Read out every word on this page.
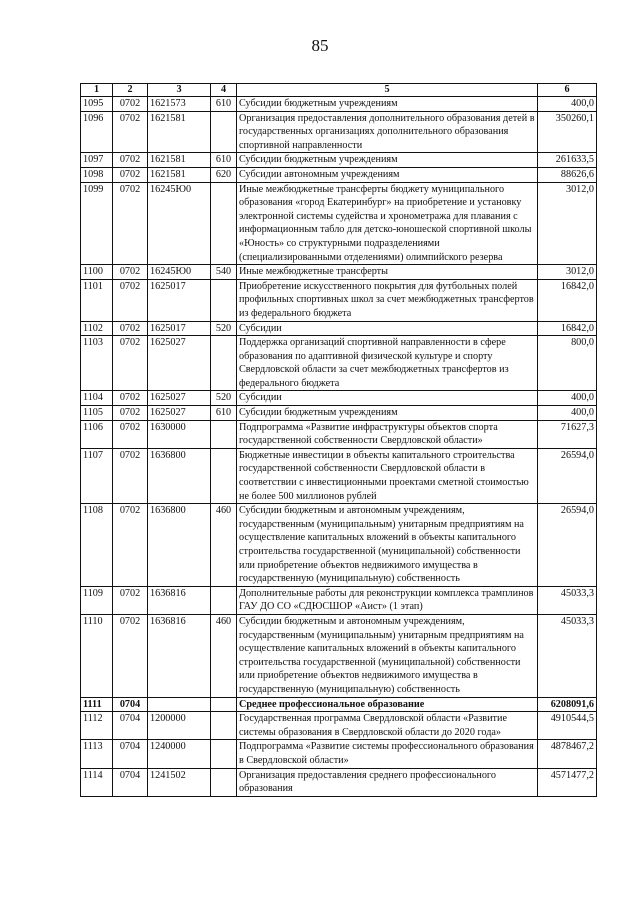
85
1	2	3	4	5	6
1095	0702	1621573	610	Субсидии бюджетным учреждениям	400,0
1096	0702	1621581		Организация предоставления дополнительного образования детей в государственных организациях дополнительного образования спортивной направленности	350260,1
1097	0702	1621581	610	Субсидии бюджетным учреждениям	261633,5
1098	0702	1621581	620	Субсидии автономным учреждениям	88626,6
1099	0702	16245Ю0		Иные межбюджетные трансферты бюджету муниципального образования «город Екатеринбург» на приобретение и установку электронной системы судейства и хронометража для плавания с информационным табло для детско-юношеской спортивной школы «Юность» со структурными подразделениями (специализированными отделениями) олимпийского резерва	3012,0
1100	0702	16245Ю0	540	Иные межбюджетные трансферты	3012,0
1101	0702	1625017		Приобретение искусственного покрытия для футбольных полей профильных спортивных школ за счет межбюджетных трансфертов из федерального бюджета	16842,0
1102	0702	1625017	520	Субсидии	16842,0
1103	0702	1625027		Поддержка организаций спортивной направленности в сфере образования по адаптивной физической культуре и спорту Свердловской области за счет межбюджетных трансфертов из федерального бюджета	800,0
1104	0702	1625027	520	Субсидии	400,0
1105	0702	1625027	610	Субсидии бюджетным учреждениям	400,0
1106	0702	1630000		Подпрограмма «Развитие инфраструктуры объектов спорта государственной собственности Свердловской области»	71627,3
1107	0702	1636800		Бюджетные инвестиции в объекты капитального строительства государственной собственности Свердловской области в соответствии с инвестиционными проектами сметной стоимостью не более 500 миллионов рублей	26594,0
1108	0702	1636800	460	Субсидии бюджетным и автономным учреждениям, государственным (муниципальным) унитарным предприятиям на осуществление капитальных вложений в объекты капитального строительства государственной (муниципальной) собственности или приобретение объектов недвижимого имущества в государственную (муниципальную) собственность	26594,0
1109	0702	1636816		Дополнительные работы для реконструкции комплекса трамплинов ГАУ ДО СО «СДЮСШОР «Аист» (1 этап)	45033,3
1110	0702	1636816	460	Субсидии бюджетным и автономным учреждениям, государственным (муниципальным) унитарным предприятиям на осуществление капитальных вложений в объекты капитального строительства государственной (муниципальной) собственности или приобретение объектов недвижимого имущества в государственную (муниципальную) собственность	45033,3
1111	0704			Среднее профессиональное образование	6208091,6
1112	0704	1200000		Государственная программа Свердловской области «Развитие системы образования в Свердловской области до 2020 года»	4910544,5
1113	0704	1240000		Подпрограмма «Развитие системы профессионального образования в Свердловской области»	4878467,2
1114	0704	1241502		Организация предоставления среднего профессионального образования	4571477,2
